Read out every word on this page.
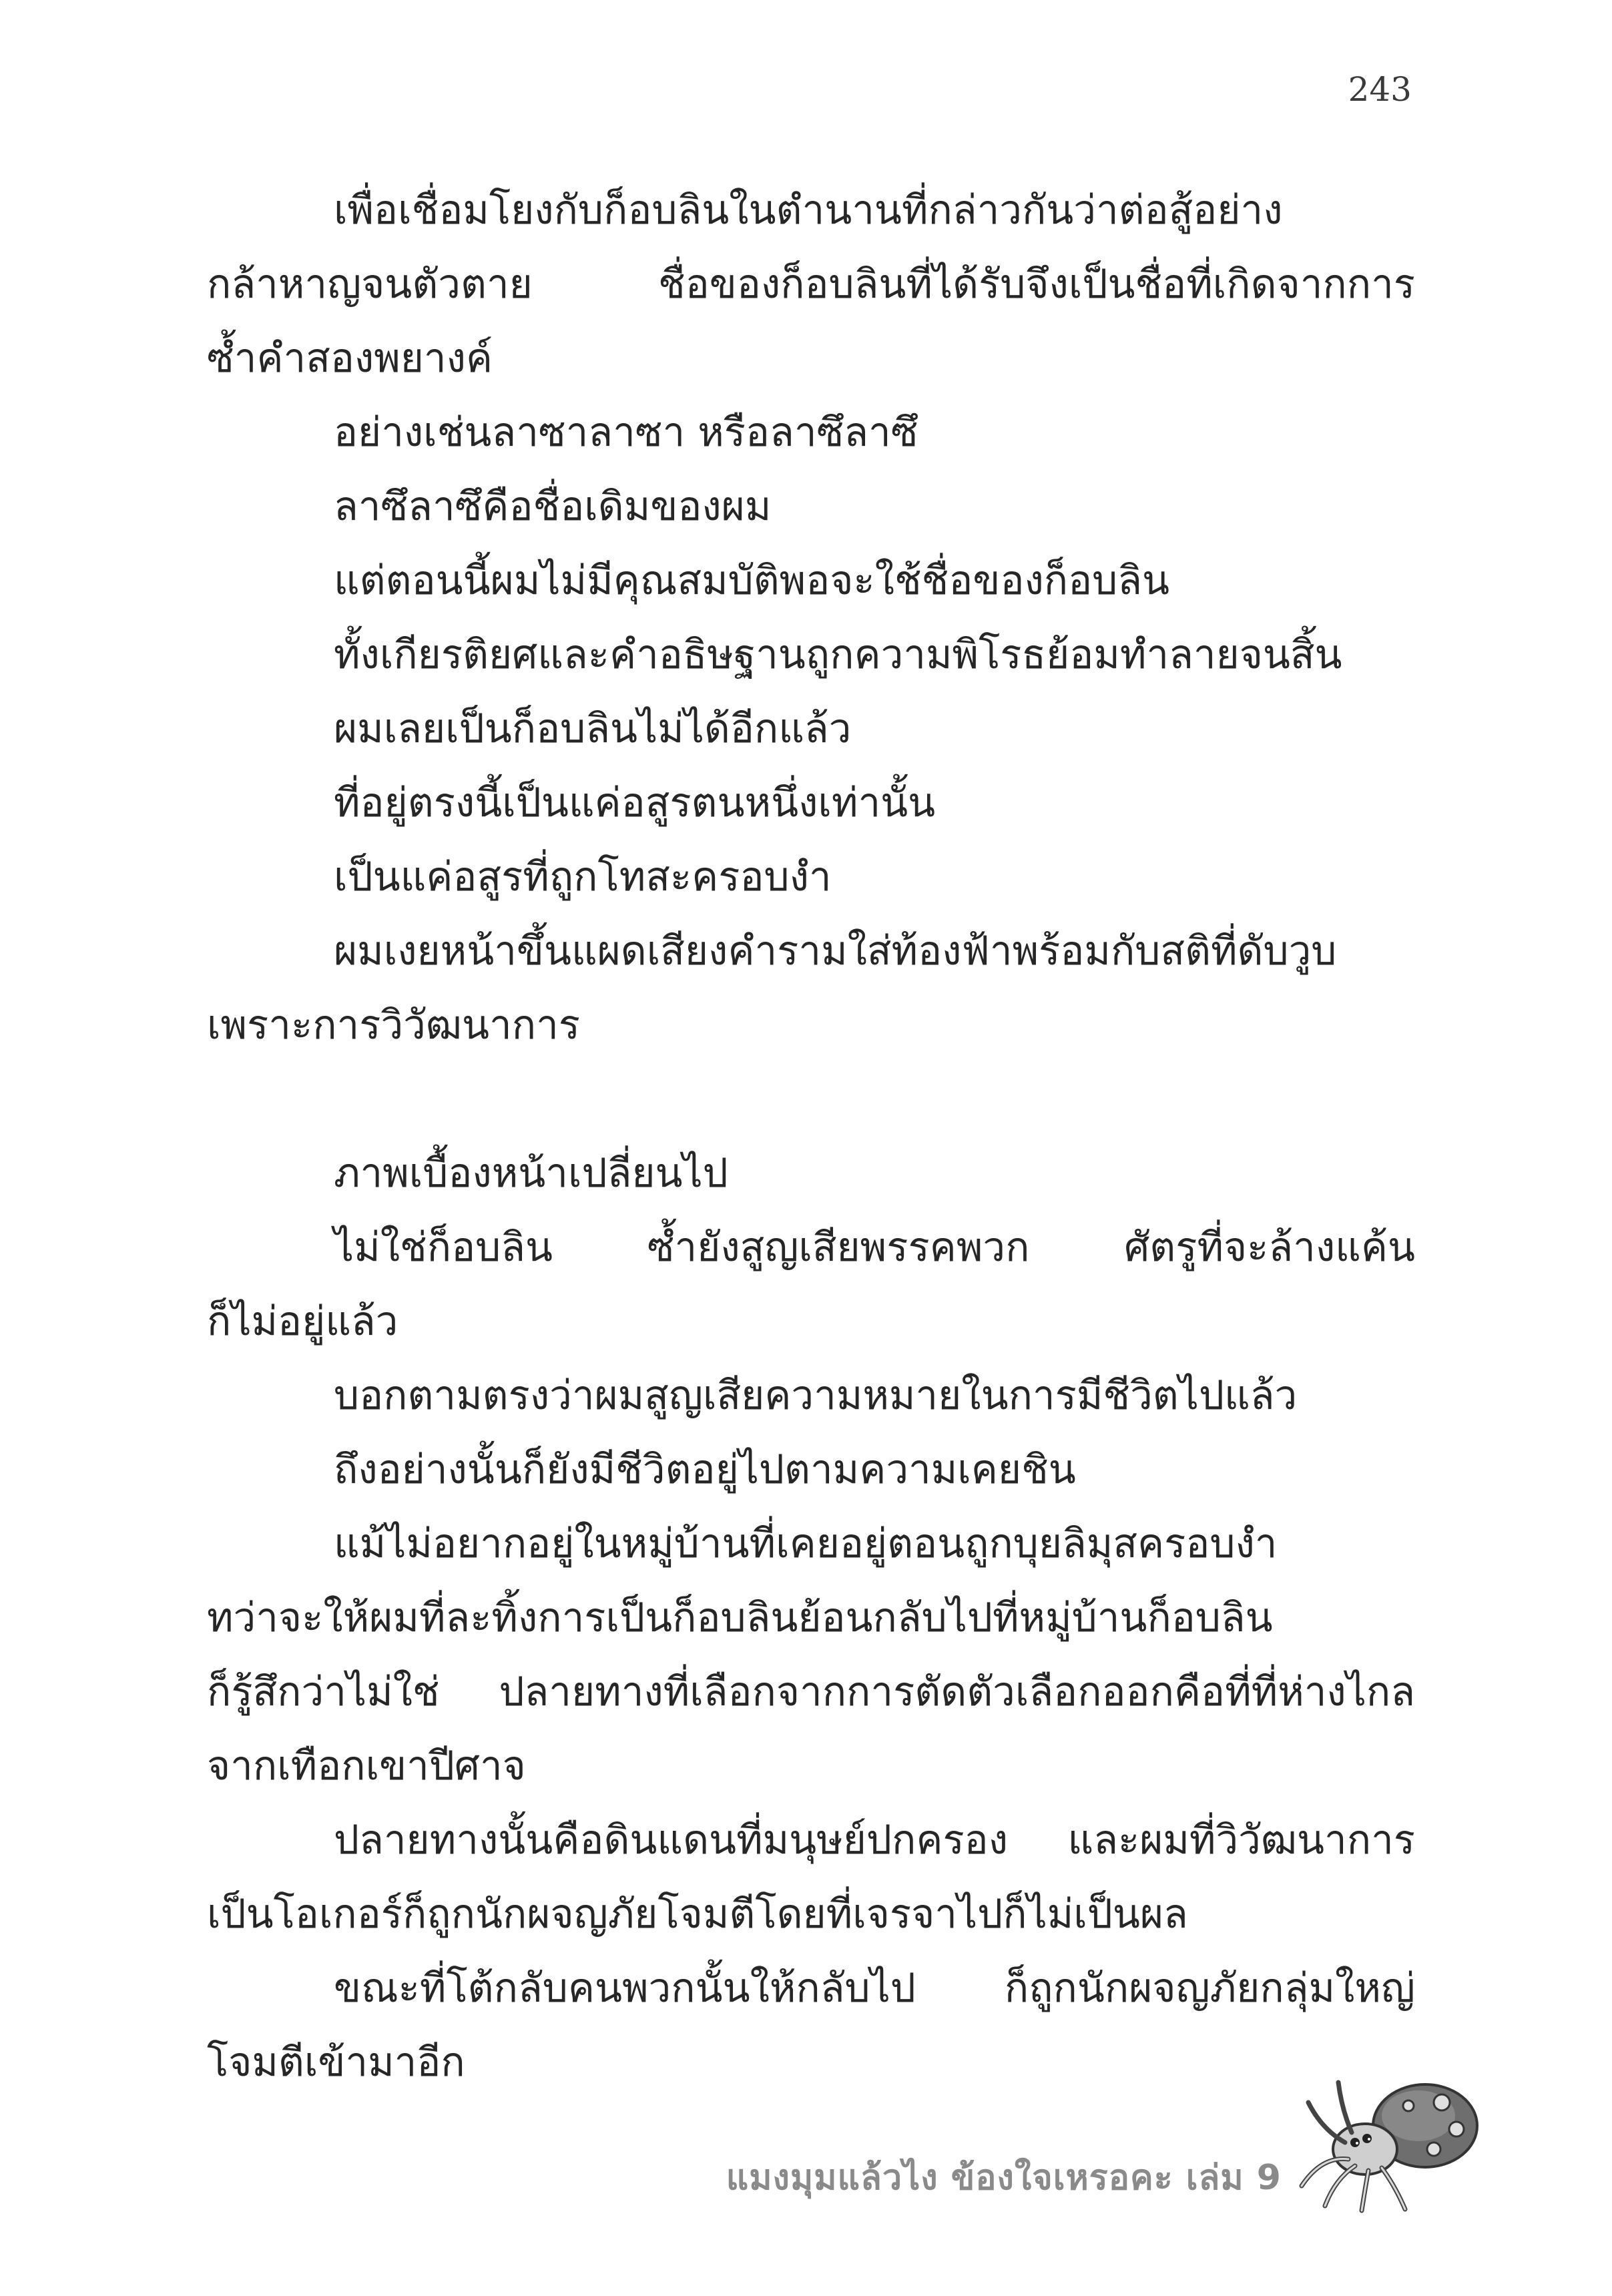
243
เพื่อเชื่อมโยงกับก็อบลินในตำนานที่กล่าวกันว่าต่อสู้อย่าง
กล้าหาญจนตัวตาย ชื่อของก็อบลินที่ได้รับจึงเป็นชื่อที่เกิดจากการ
ซ้ำคำสองพยางค์
อย่างเช่นลาซาลาซา หรือลาซึลาซึ
ลาซึลาซึคือชื่อเดิมของผม
แต่ตอนนี้ผมไม่มีคุณสมบัติพอจะใช้ชื่อของก็อบลิน
ทั้งเกียรติยศและคำอธิษฐานถูกความพิโรธย้อมทำลายจนสิ้น
ผมเลยเป็นก็อบลินไม่ได้อีกแล้ว
ที่อยู่ตรงนี้เป็นแค่อสูรตนหนึ่งเท่านั้น
เป็นแค่อสูรที่ถูกโทสะครอบงำ
ผมเงยหน้าขึ้นแผดเสียงคำรามใส่ท้องฟ้าพร้อมกับสติที่ดับวูบ
เพราะการวิวัฒนาการ
ภาพเบื้องหน้าเปลี่ยนไป
ไม่ใช่ก็อบลิน ซ้ำยังสูญเสียพรรคพวก ศัตรูที่จะล้างแค้น
ก็ไม่อยู่แล้ว
บอกตามตรงว่าผมสูญเสียความหมายในการมีชีวิตไปแล้ว
ถึงอย่างนั้นก็ยังมีชีวิตอยู่ไปตามความเคยชิน
แม้ไม่อยากอยู่ในหมู่บ้านที่เคยอยู่ตอนถูกบุยลิมุสครอบงำ
ทว่าจะให้ผมที่ละทิ้งการเป็นก็อบลินย้อนกลับไปที่หมู่บ้านก็อบลิน
ก็รู้สึกว่าไม่ใช่ ปลายทางที่เลือกจากการตัดตัวเลือกออกคือที่ที่ห่างไกล
จากเทือกเขาปีศาจ
ปลายทางนั้นคือดินแดนที่มนุษย์ปกครอง และผมที่วิวัฒนาการ
เป็นโอเกอร์ก็ถูกนักผจญภัยโจมตีโดยที่เจรจาไปก็ไม่เป็นผล
ขณะที่โต้กลับคนพวกนั้นให้กลับไป ก็ถูกนักผจญภัยกลุ่มใหญ่
โจมตีเข้ามาอีก
แมงมุมแล้วไง ข้องใจเหรอคะ เล่ม 9
